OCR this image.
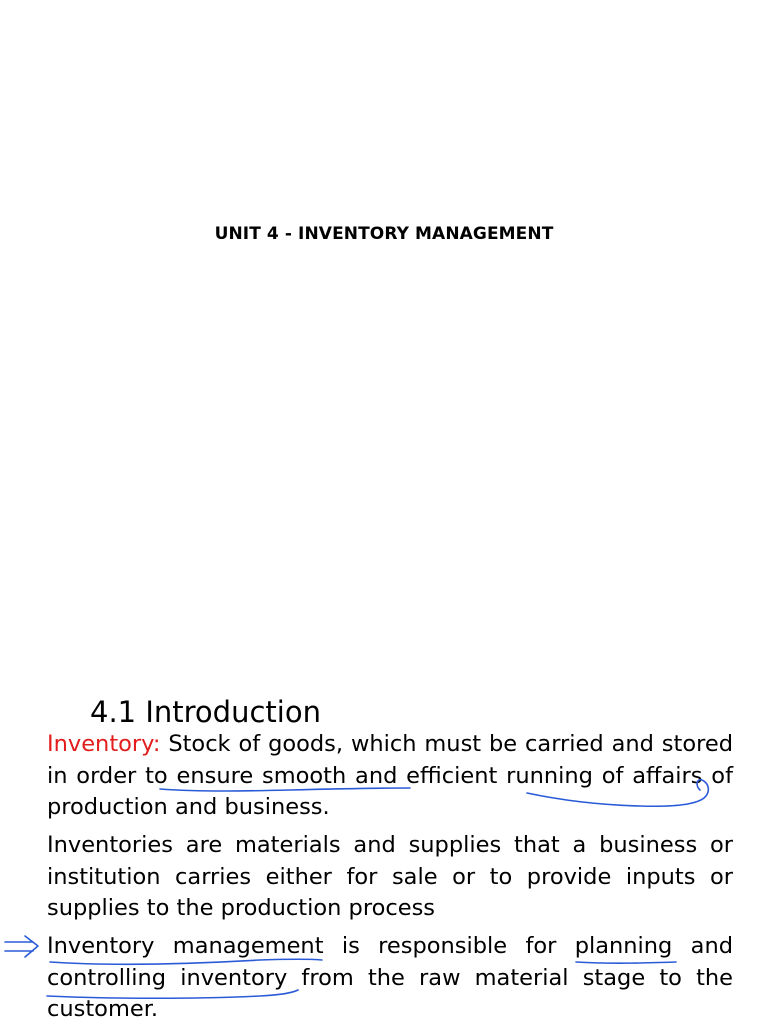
UNIT 4 - INVENTORY MANAGEMENT
4.1 Introduction

Inventory: Stock of goods, which must be carried and stored in order to ensure smooth and efficient running of affairs of production and business.

Inventories are materials and supplies that a business or institution carries either for sale or to provide inputs or supplies to the production process

Inventory management is responsible for planning and controlling inventory from the raw material stage to the customer.
